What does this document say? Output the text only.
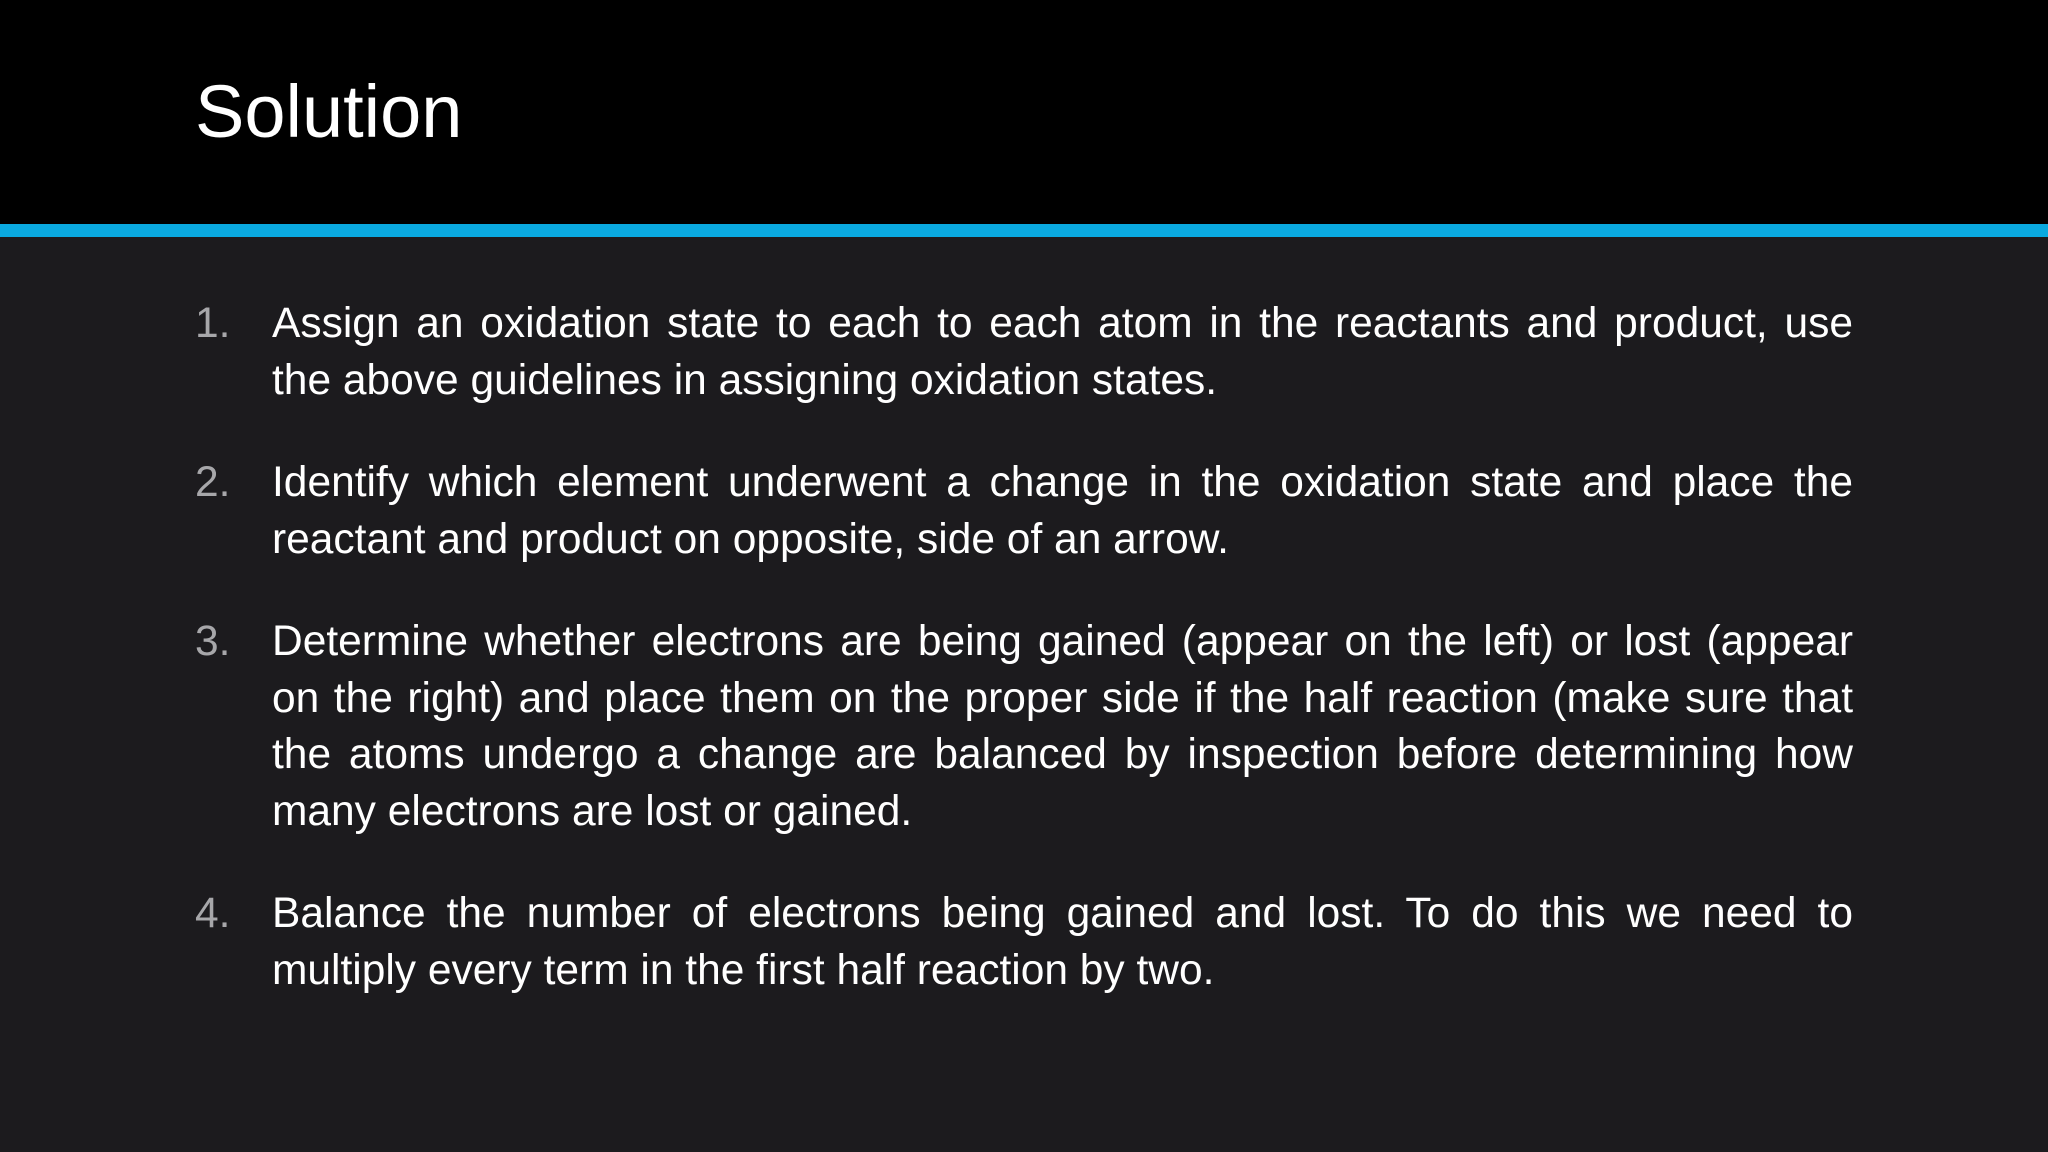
Solution
1. Assign an oxidation state to each to each atom in the reactants and product, use the above guidelines in assigning oxidation states.
2. Identify which element underwent a change in the oxidation state and place the reactant and product on opposite, side of an arrow.
3. Determine whether electrons are being gained (appear on the left) or lost (appear on the right) and place them on the proper side if the half reaction (make sure that the atoms undergo a change are balanced by inspection before determining how many electrons are lost or gained.
4. Balance the number of electrons being gained and lost. To do this we need to multiply every term in the first half reaction by two.
